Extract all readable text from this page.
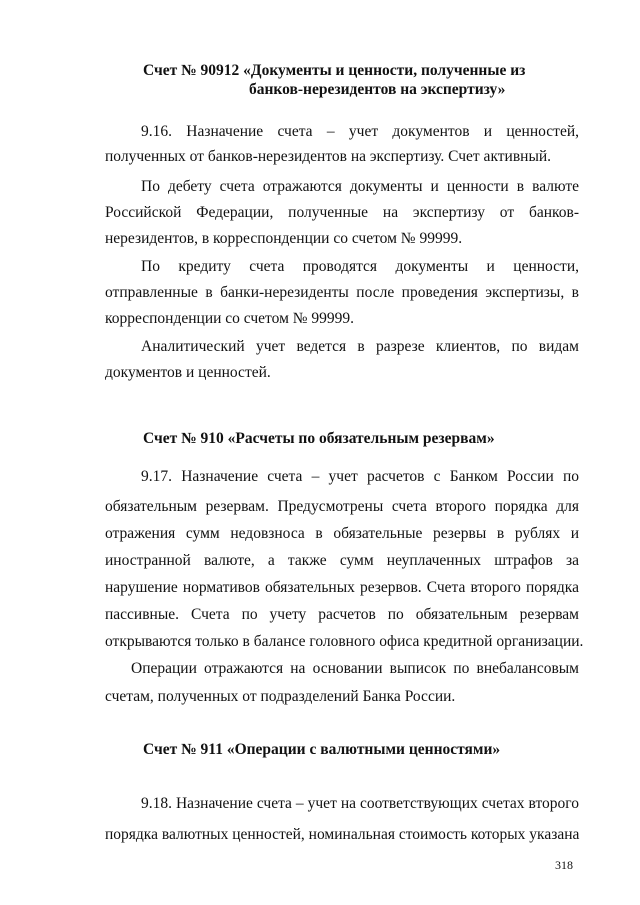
Счет № 90912 «Документы и ценности, полученные из
банков-нерезидентов на экспертизу»
9.16. Назначение счета – учет документов и ценностей,
полученных от банков-нерезидентов на экспертизу. Счет активный.
По дебету счета отражаются документы и ценности в валюте
Российской Федерации, полученные на экспертизу от банков-
нерезидентов, в корреспонденции со счетом № 99999.
По кредиту счета проводятся документы и ценности,
отправленные в банки-нерезиденты после проведения экспертизы, в
корреспонденции со счетом № 99999.
Аналитический учет ведется в разрезе клиентов, по видам
документов и ценностей.
Счет № 910 «Расчеты по обязательным резервам»
9.17. Назначение счета – учет расчетов с Банком России по
обязательным резервам. Предусмотрены счета второго порядка для
отражения сумм недовзноса в обязательные резервы в рублях и
иностранной валюте, а также сумм неуплаченных штрафов за
нарушение нормативов обязательных резервов. Счета второго порядка
пассивные. Счета по учету расчетов по обязательным резервам
открываются только в балансе головного офиса кредитной организации.
Операции отражаются на основании выписок по внебалансовым
счетам, полученных от подразделений Банка России.
Счет № 911 «Операции с валютными ценностями»
9.18. Назначение счета – учет на соответствующих счетах второго
порядка валютных ценностей, номинальная стоимость которых указана
318
